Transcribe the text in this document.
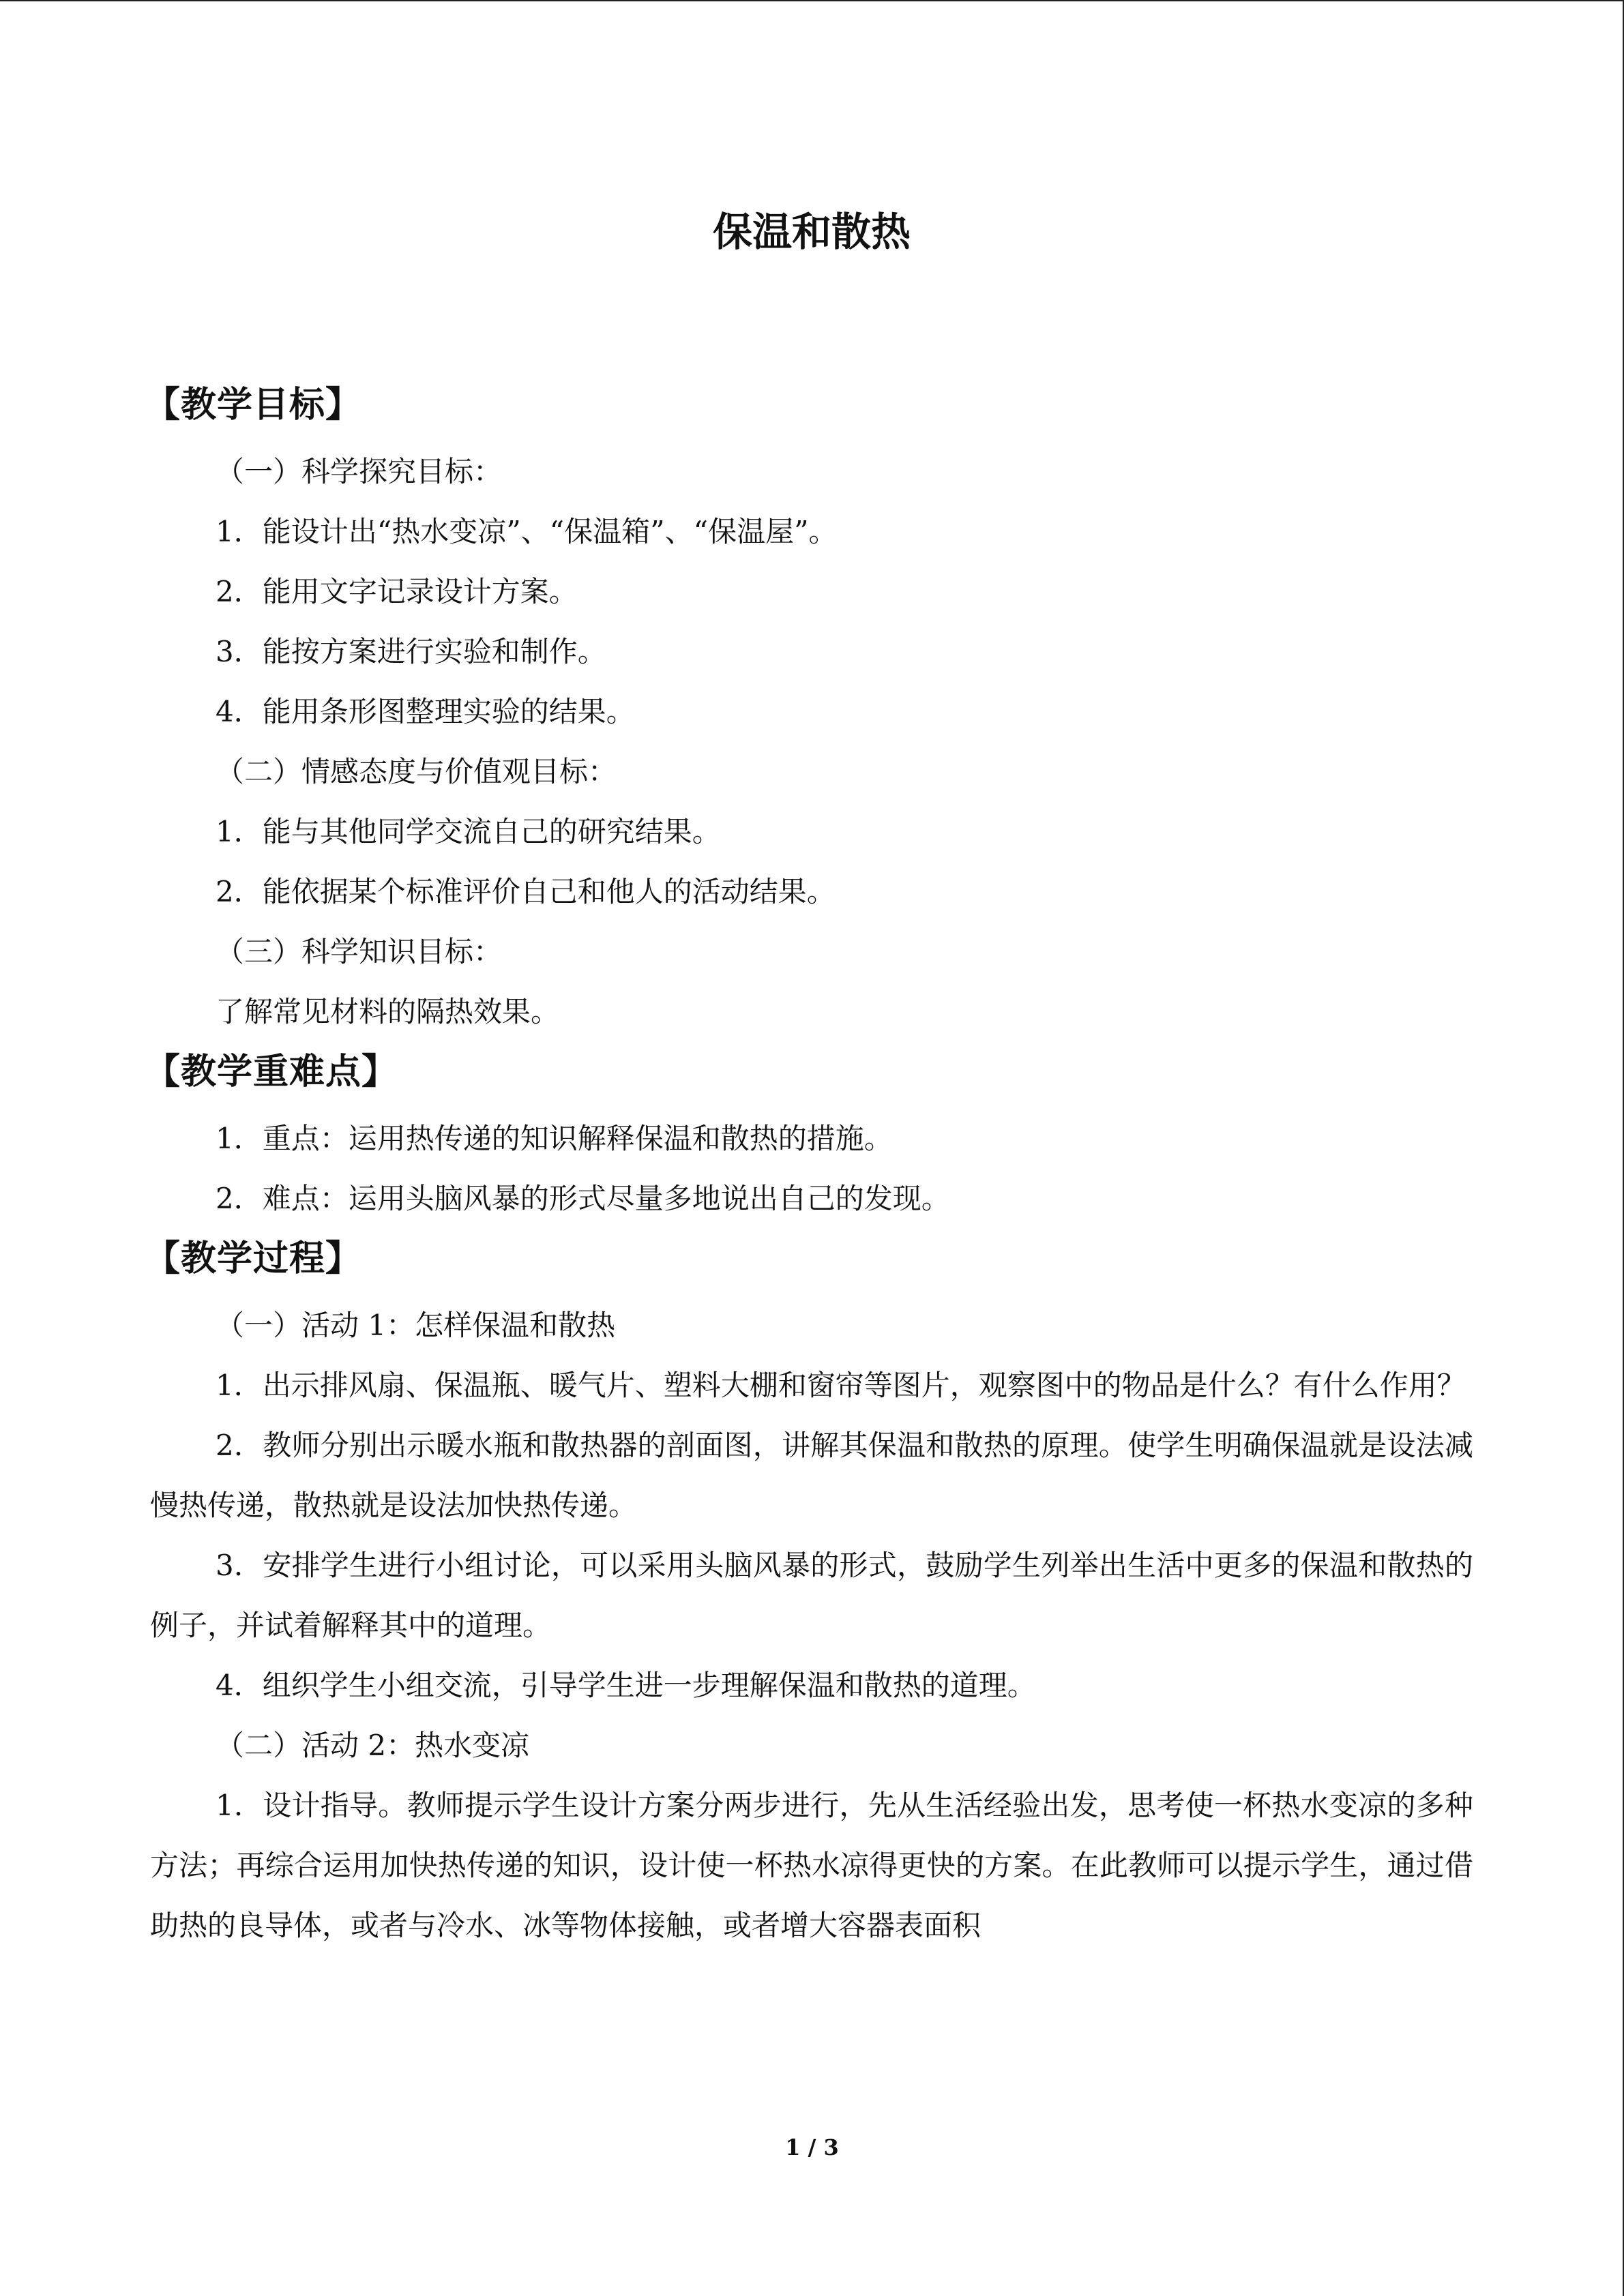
保温和散热
【教学目标】

（一）科学探究目标：

1．能设计出“热水变凉”、“保温箱”、“保温屋”。

2．能用文字记录设计方案。

3．能按方案进行实验和制作。

4．能用条形图整理实验的结果。

（二）情感态度与价值观目标：

1．能与其他同学交流自己的研究结果。

2．能依据某个标准评价自己和他人的活动结果。

（三）科学知识目标：

了解常见材料的隔热效果。

【教学重难点】

1．重点：运用热传递的知识解释保温和散热的措施。

2．难点：运用头脑风暴的形式尽量多地说出自己的发现。

【教学过程】

（一）活动 1：怎样保温和散热

1．出示排风扇、保温瓶、暖气片、塑料大棚和窗帘等图片，观察图中的物品是什么？有什么作用？

2．教师分别出示暖水瓶和散热器的剖面图，讲解其保温和散热的原理。使学生明确保温就是设法减慢热传递，散热就是设法加快热传递。

3．安排学生进行小组讨论，可以采用头脑风暴的形式，鼓励学生列举出生活中更多的保温和散热的例子，并试着解释其中的道理。

4．组织学生小组交流，引导学生进一步理解保温和散热的道理。

（二）活动 2：热水变凉

1．设计指导。教师提示学生设计方案分两步进行，先从生活经验出发，思考使一杯热水变凉的多种方法；再综合运用加快热传递的知识，设计使一杯热水凉得更快的方案。在此教师可以提示学生，通过借助热的良导体，或者与冷水、冰等物体接触，或者增大容器表面积

1 / 3
